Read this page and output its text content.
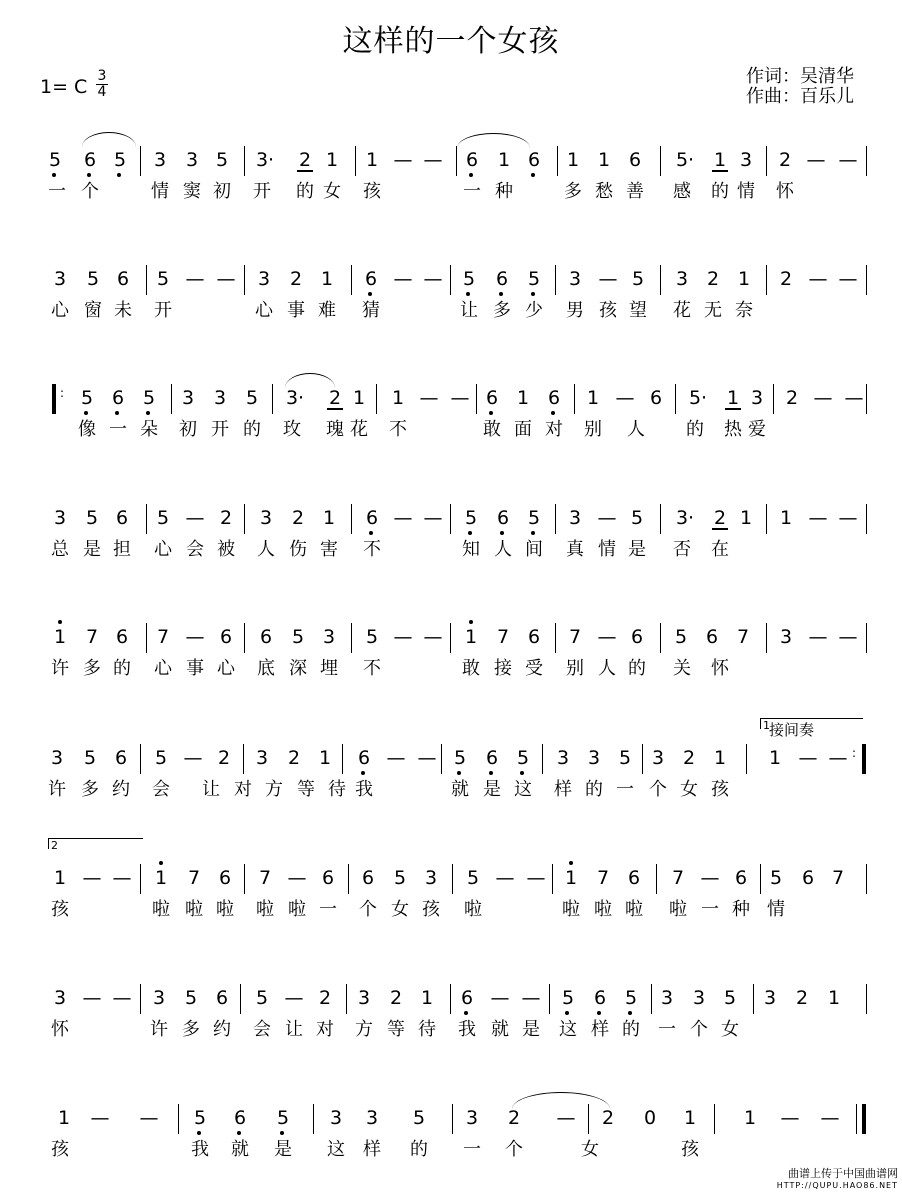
这样的一个女孩
1= C 3
4
作词：吴清华
作曲：百乐儿
5 6 5 3 3 5 3 · 2 1 1 — — 6 1 6 1 1 6 5 · 1 3 2 — —
一 个	情 窦 初 开 的 女 孩	一 种	多 愁 善 感 的 情 怀
3 5 6 5 — — 3 2 1 6 — — 5 6 5 3 — 5 3 2 1 2 — —
心 窗 未 开	心 事 难 猜	让 多 少 男 孩 望 花 无 奈
5 6 5 3 3 5 3 · 2 1 1 — — 6 1 6 1 — 6 5 · 1 3 2 — —
像 一 朵 初 开 的 玫 瑰 花 不	敢 面 对 别 人 的 热 爱
3 5 6 5 — 2 3 2 1 6 — — 5 6 5 3 — 5 3 · 2 1 1 — —
总 是 担 心 会 被 人 伤 害 不	知 人 间 真 情 是 否 在
1 7 6 7 — 6 6 5 3 5 — — 1 7 6 7 — 6 5 6 7 3 — —
许 多 的 心 事 心 底 深 埋 不	敢 接 受 别 人 的 关 怀
3 5 6 5 — 2 3 2 1 6 — — 5 6 5 3 3 5 3 2 1 1 — —
许 多 约 会 让 对 方 等 待 我	就 是 这 样 的 一 个 女 孩
1 — — 1 7 6 7 — 6 6 5 3 5 — — 1 7 6 7 — 6 5 6 7
孩	啦 啦 啦 啦 啦 一 个 女 孩 啦	啦 啦 啦 啦 一 种 情
3 — — 3 5 6 5 — 2 3 2 1 6 — — 5 6 5 3 3 5 3 2 1
怀	许 多 约 会 让 对 方 等 待 我 就 是 这 样 的 一 个 女
1 — — 5 6 5 3 3 5 3 2 — 2 0 1	1 — —
孩	我 就 是 这 样 的 一 个	女	孩
曲谱上传于中国曲谱网
HTTP://QUPU.HAO86.NET
:
:
1 接间奏
2
